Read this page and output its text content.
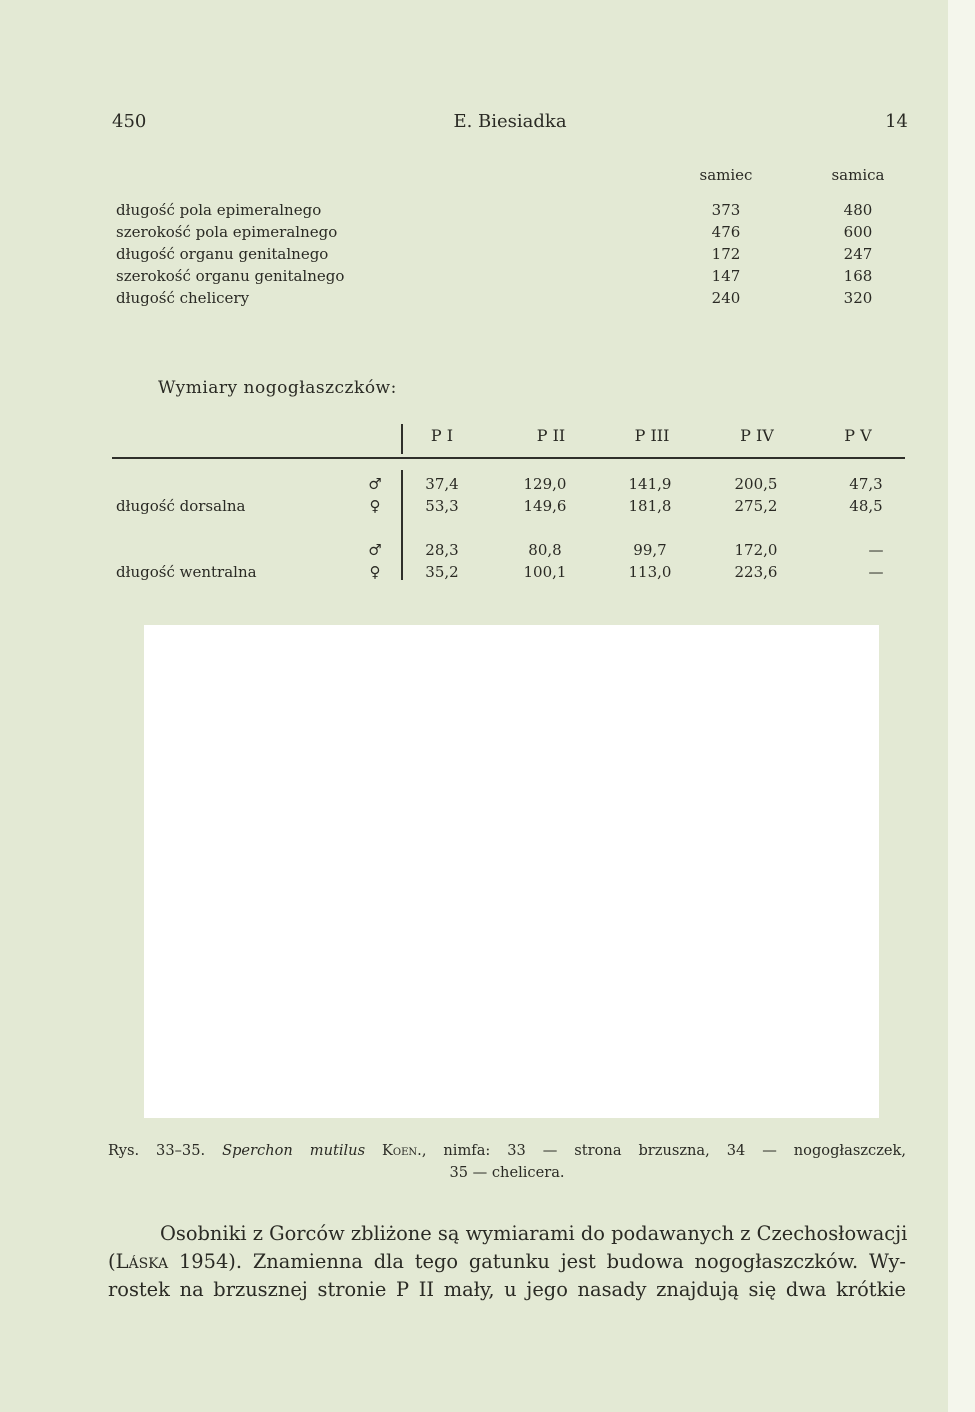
450	E. Biesiadka	14
samiec	samica
długość pola epimeralnego	373	480
szerokość pola epimeralnego	476	600
długość organu genitalnego	172	247
szerokość organu genitalnego	147	168
długość chelicery	240	320
Wymiary nogogłaszczków:
P I	P II	P III	P IV	P V
♂	37,4	129,0	141,9	200,5	47,3
długość dorsalna	♀	53,3	149,6	181,8	275,2	48,5
♂	28,3	80,8	99,7	172,0	—
długość wentralna	♀	35,2	100,1	113,0	223,6	—
Rys. 33–35. Sperchon mutilus Koen., nimfa: 33 — strona brzuszna, 34 — nogogłaszczek,
35 — chelicera.
Osobniki z Gorców zbliżone są wymiarami do podawanych z Czechosłowacji
(Láska 1954). Znamienna dla tego gatunku jest budowa nogogłaszczków. Wy-
rostek na brzusznej stronie P II mały, u jego nasady znajdują się dwa krótkie
